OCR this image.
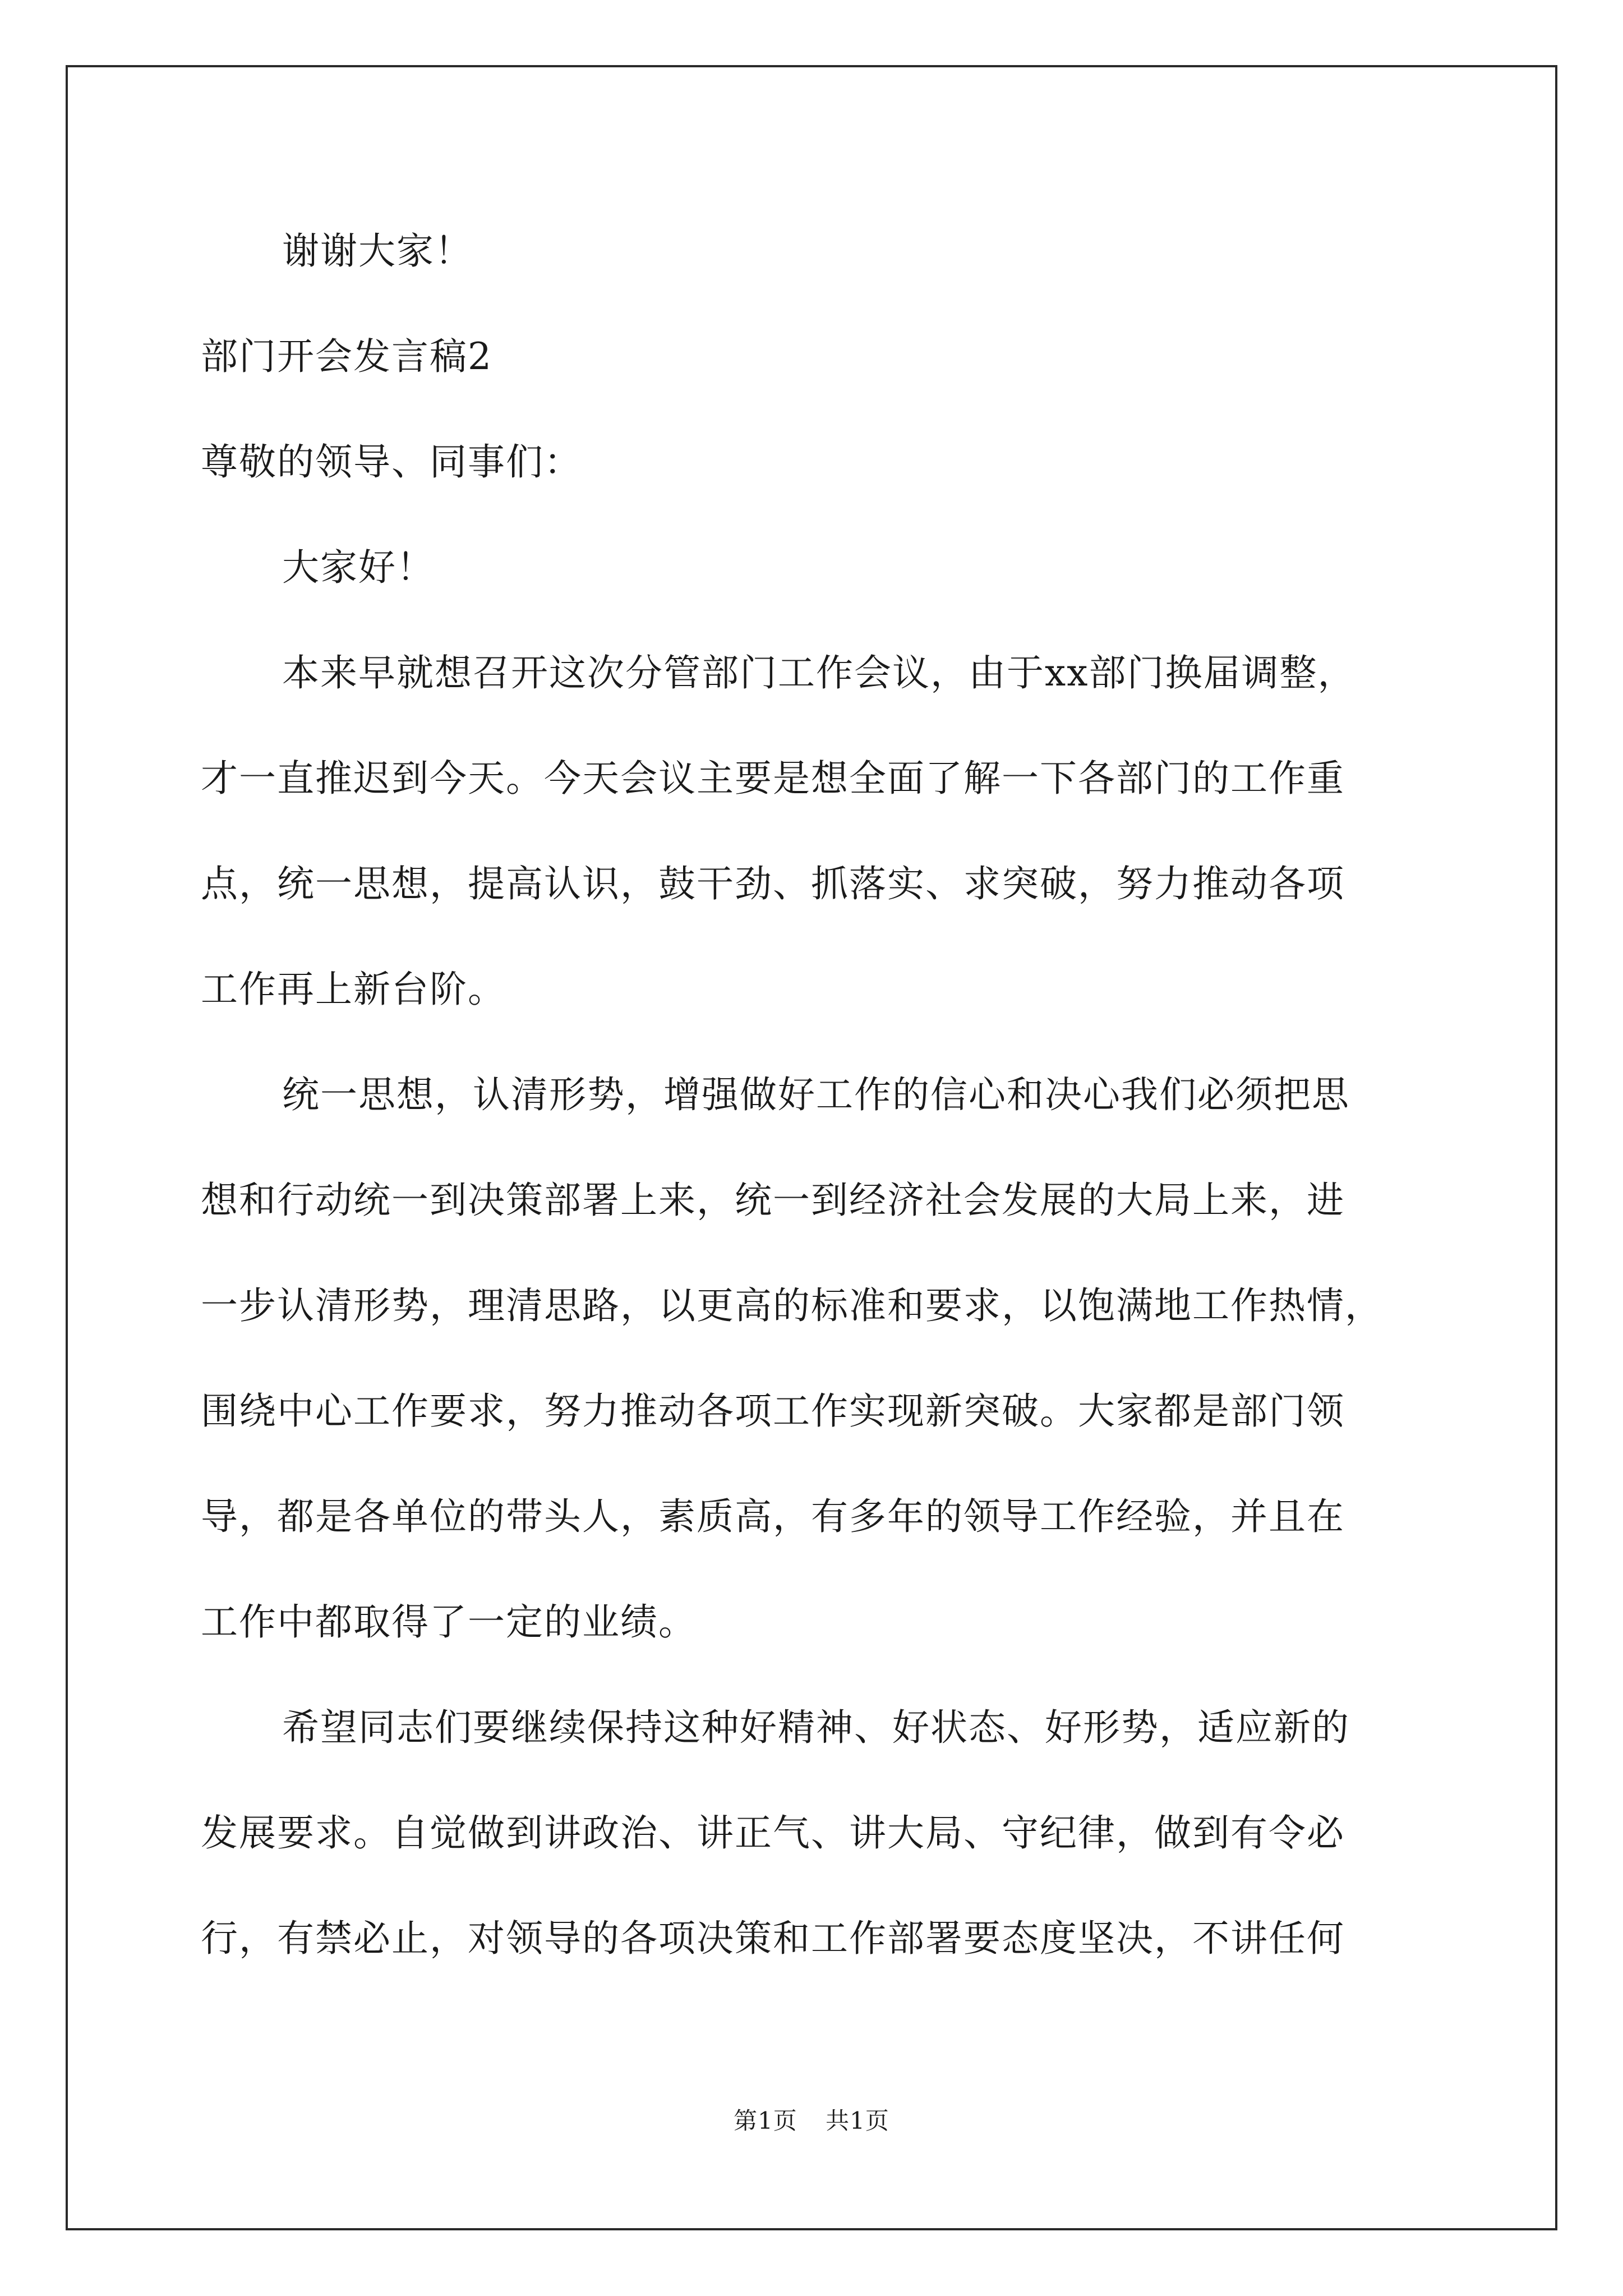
谢谢大家！
部门开会发言稿2
尊敬的领导、同事们：
大家好！
本来早就想召开这次分管部门工作会议，由于xx部门换届调整，
才一直推迟到今天。今天会议主要是想全面了解一下各部门的工作重
点，统一思想，提高认识，鼓干劲、抓落实、求突破，努力推动各项
工作再上新台阶。
统一思想，认清形势，增强做好工作的信心和决心我们必须把思
想和行动统一到决策部署上来，统一到经济社会发展的大局上来，进
一步认清形势，理清思路，以更高的标准和要求，以饱满地工作热情，
围绕中心工作要求，努力推动各项工作实现新突破。大家都是部门领
导，都是各单位的带头人，素质高，有多年的领导工作经验，并且在
工作中都取得了一定的业绩。
希望同志们要继续保持这种好精神、好状态、好形势，适应新的
发展要求。自觉做到讲政治、讲正气、讲大局、守纪律，做到有令必
行，有禁必止，对领导的各项决策和工作部署要态度坚决，不讲任何
第1页 共1页
